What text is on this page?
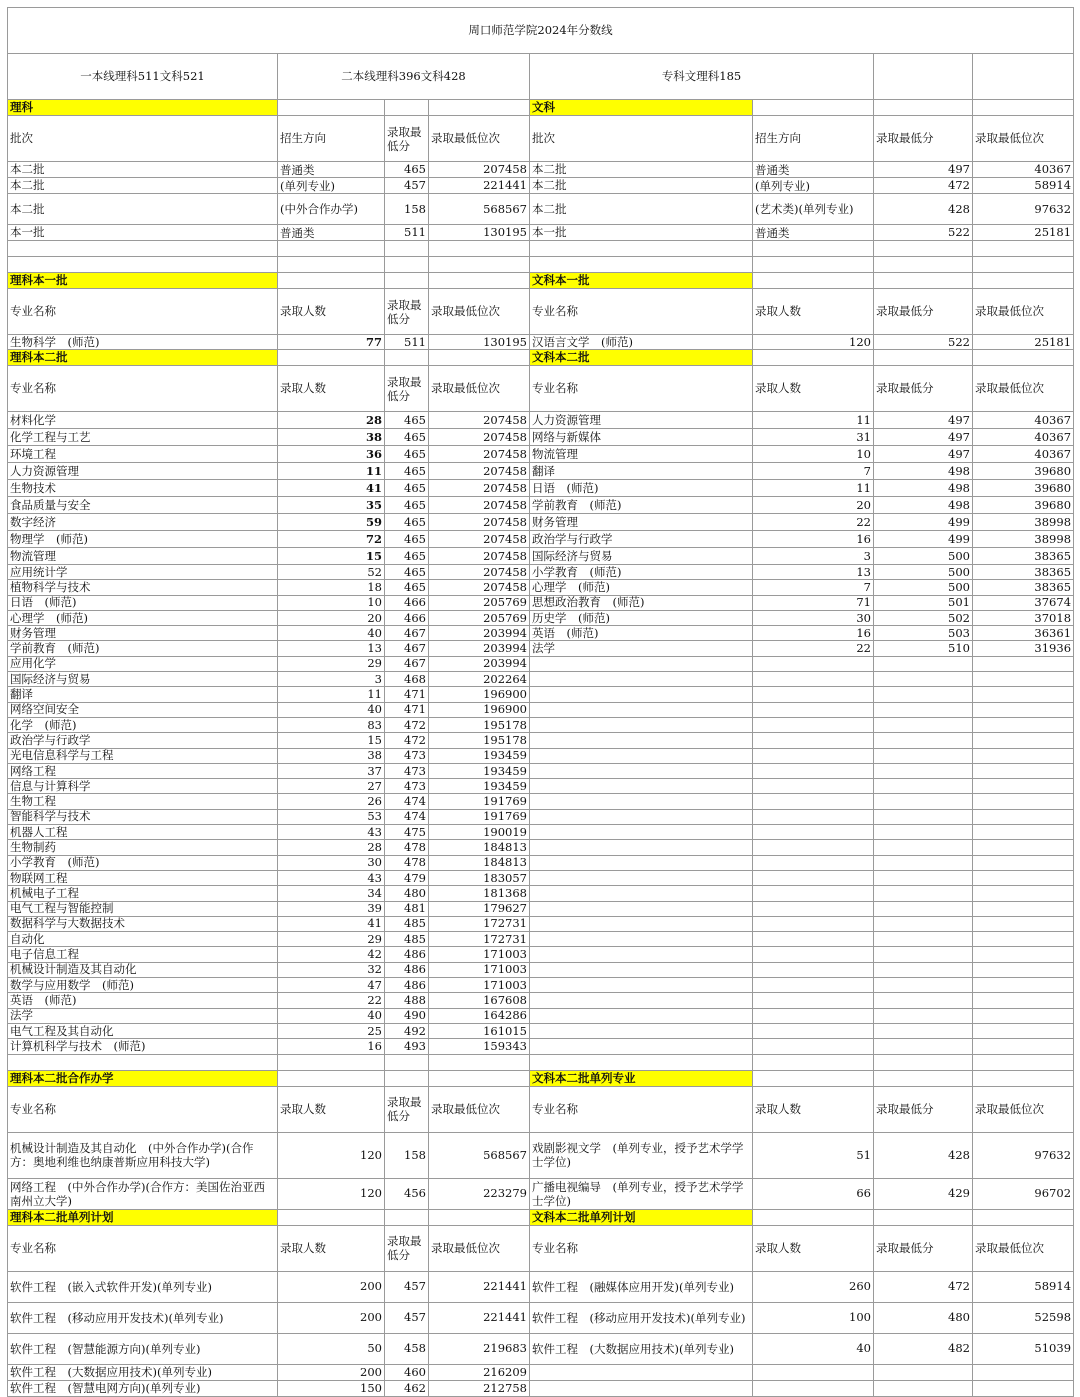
周口师范学院2024年分数线							
一本线理科511文科521	二本线理科396文科428			专科文理科185			
理科				文科			
批次	招生方向	录取最低分	录取最低位次	批次	招生方向	录取最低分	录取最低位次
本二批	普通类	465	207458	本二批	普通类	497	40367
本二批	(单列专业)	457	221441	本二批	(单列专业)	472	58914
本二批	(中外合作办学)	158	568567	本二批	(艺术类)(单列专业)	428	97632
本一批	普通类	511	130195	本一批	普通类	522	25181

理科本一批				文科本一批			
专业名称	录取人数	录取最低分	录取最低位次	专业名称	录取人数	录取最低分	录取最低位次
生物科学　(师范)	77	511	130195	汉语言文学　(师范)	120	522	25181
理科本二批				文科本二批			
专业名称	录取人数	录取最低分	录取最低位次	专业名称	录取人数	录取最低分	录取最低位次
材料化学	28	465	207458	人力资源管理	11	497	40367
化学工程与工艺	38	465	207458	网络与新媒体	31	497	40367
环境工程	36	465	207458	物流管理	10	497	40367
人力资源管理	11	465	207458	翻译	7	498	39680
生物技术	41	465	207458	日语　(师范)	11	498	39680
食品质量与安全	35	465	207458	学前教育　(师范)	20	498	39680
数字经济	59	465	207458	财务管理	22	499	38998
物理学　(师范)	72	465	207458	政治学与行政学	16	499	38998
物流管理	15	465	207458	国际经济与贸易	3	500	38365
应用统计学	52	465	207458	小学教育　(师范)	13	500	38365
植物科学与技术	18	465	207458	心理学　(师范)	7	500	38365
日语　(师范)	10	466	205769	思想政治教育　(师范)	71	501	37674
心理学　(师范)	20	466	205769	历史学　(师范)	30	502	37018
财务管理	40	467	203994	英语　(师范)	16	503	36361
学前教育　(师范)	13	467	203994	法学	22	510	31936
应用化学	29	467	203994				
国际经济与贸易	3	468	202264				
翻译	11	471	196900				
网络空间安全	40	471	196900				
化学　(师范)	83	472	195178				
政治学与行政学	15	472	195178				
光电信息科学与工程	38	473	193459				
网络工程	37	473	193459				
信息与计算科学	27	473	193459				
生物工程	26	474	191769				
智能科学与技术	53	474	191769				
机器人工程	43	475	190019				
生物制药	28	478	184813				
小学教育　(师范)	30	478	184813				
物联网工程	43	479	183057				
机械电子工程	34	480	181368				
电气工程与智能控制	39	481	179627				
数据科学与大数据技术	41	485	172731				
自动化	29	485	172731				
电子信息工程	42	486	171003				
机械设计制造及其自动化	32	486	171003				
数学与应用数学　(师范)	47	486	171003				
英语　(师范)	22	488	167608				
法学	40	490	164286				
电气工程及其自动化	25	492	161015				
计算机科学与技术　(师范)	16	493	159343				

理科本二批合作办学				文科本二批单列专业			
专业名称	录取人数	录取最低分	录取最低位次	专业名称	录取人数	录取最低分	录取最低位次
机械设计制造及其自动化　(中外合作办学)(合作方：奥地利维也纳康普斯应用科技大学)	120	158	568567	戏剧影视文学　(单列专业，授予艺术学学士学位)	51	428	97632
网络工程　(中外合作办学)(合作方：美国佐治亚西南州立大学)	120	456	223279	广播电视编导　(单列专业，授予艺术学学士学位)	66	429	96702
理科本二批单列计划				文科本二批单列计划			
专业名称	录取人数	录取最低分	录取最低位次	专业名称	录取人数	录取最低分	录取最低位次
软件工程　(嵌入式软件开发)(单列专业)	200	457	221441	软件工程　(融媒体应用开发)(单列专业)	260	472	58914
软件工程　(移动应用开发技术)(单列专业)	200	457	221441	软件工程　(移动应用开发技术)(单列专业)	100	480	52598
软件工程　(智慧能源方向)(单列专业)	50	458	219683	软件工程　(大数据应用技术)(单列专业)	40	482	51039
软件工程　(大数据应用技术)(单列专业)	200	460	216209				
软件工程　(智慧电网方向)(单列专业)	150	462	212758				
